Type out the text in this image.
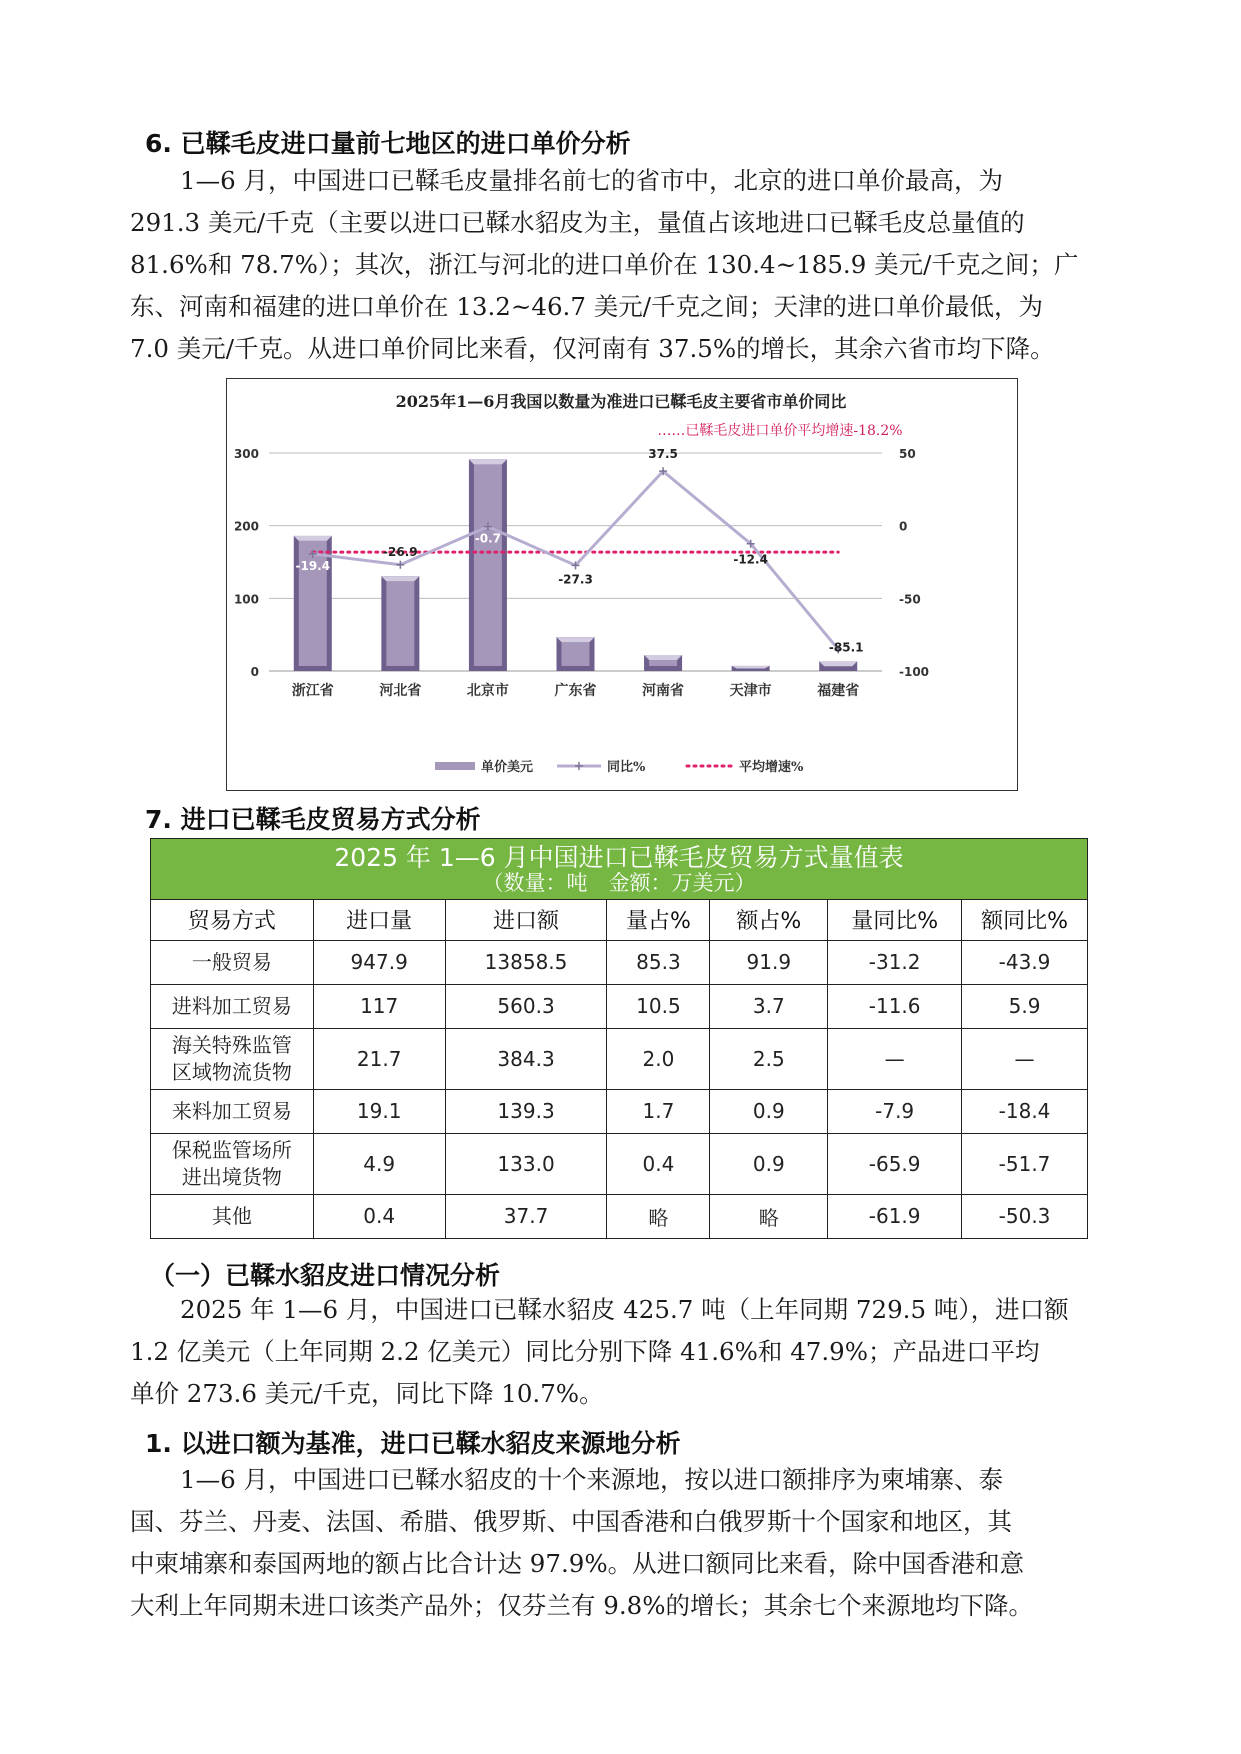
6. 已鞣毛皮进口量前七地区的进口单价分析
1—6 月，中国进口已鞣毛皮量排名前七的省市中，北京的进口单价最高，为
291.3 美元/千克（主要以进口已鞣水貂皮为主，量值占该地进口已鞣毛皮总量值的
81.6%和 78.7%）；其次，浙江与河北的进口单价在 130.4~185.9 美元/千克之间；广
东、河南和福建的进口单价在 13.2~46.7 美元/千克之间；天津的进口单价最低，为
7.0 美元/千克。从进口单价同比来看，仅河南有 37.5%的增长，其余六省市均下降。
2025年1—6月我国以数量为准进口已鞣毛皮主要省市单价同比
……已鞣毛皮进口单价平均增速-18.2%
-19.4
-26.9
-0.7
-27.3
37.5
-12.4
-85.1
0
100
200
300
-100
-50
0
50
浙江省	河北省	北京市	广东省	河南省	天津市	福建省
单价美元	同比%	平均增速%
7. 进口已鞣毛皮贸易方式分析
2025 年 1—6 月中国进口已鞣毛皮贸易方式量值表
（数量：吨　金额：万美元）						

贸易方式	进口量	进口额	量占%	额占%	量同比%	额同比%

一般贸易	947.9	13858.5	85.3	91.9	-31.2	-43.9

进料加工贸易	117	560.3	10.5	3.7	-11.6	5.9

海关特殊监管
区域物流货物	21.7	384.3	2.0	2.5	—	—

来料加工贸易	19.1	139.3	1.7	0.9	-7.9	-18.4

保税监管场所
进出境货物	4.9	133.0	0.4	0.9	-65.9	-51.7

其他	0.4	37.7	略	略	-61.9	-50.3
（一）已鞣水貂皮进口情况分析
2025 年 1—6 月，中国进口已鞣水貂皮 425.7 吨（上年同期 729.5 吨），进口额
1.2 亿美元（上年同期 2.2 亿美元）同比分别下降 41.6%和 47.9%；产品进口平均
单价 273.6 美元/千克，同比下降 10.7%。
1. 以进口额为基准，进口已鞣水貂皮来源地分析
1—6 月，中国进口已鞣水貂皮的十个来源地，按以进口额排序为柬埔寨、泰
国、芬兰、丹麦、法国、希腊、俄罗斯、中国香港和白俄罗斯十个国家和地区，其
中柬埔寨和泰国两地的额占比合计达 97.9%。从进口额同比来看，除中国香港和意
大利上年同期未进口该类产品外；仅芬兰有 9.8%的增长；其余七个来源地均下降。
